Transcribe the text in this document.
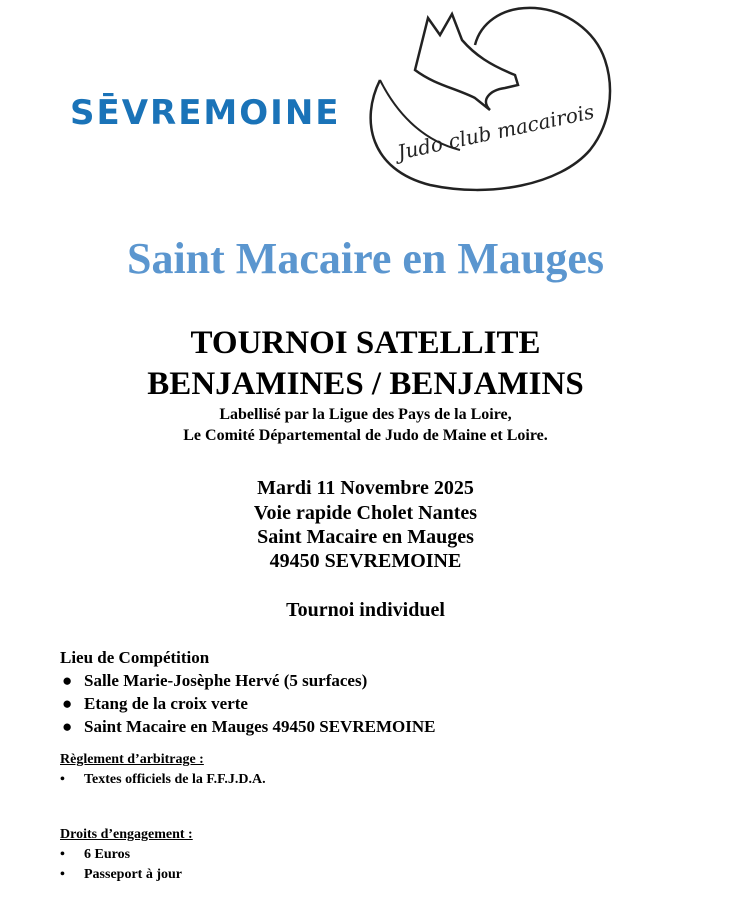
SĒVREMOINE	Judo club macairois
Saint Macaire en Mauges
TOURNOI SATELLITE
BENJAMINES / BENJAMINS
Labellisé par la Ligue des Pays de la Loire,
Le Comité Départemental de Judo de Maine et Loire.
Mardi 11 Novembre 2025
Voie rapide Cholet Nantes
Saint Macaire en Mauges
49450 SEVREMOINE
Tournoi individuel
Lieu de Compétition
● Salle Marie-Josèphe Hervé (5 surfaces)
● Etang de la croix verte
● Saint Macaire en Mauges 49450 SEVREMOINE
Règlement d’arbitrage :
• Textes officiels de la F.F.J.D.A.
Droits d’engagement :
• 6 Euros
• Passeport à jour
